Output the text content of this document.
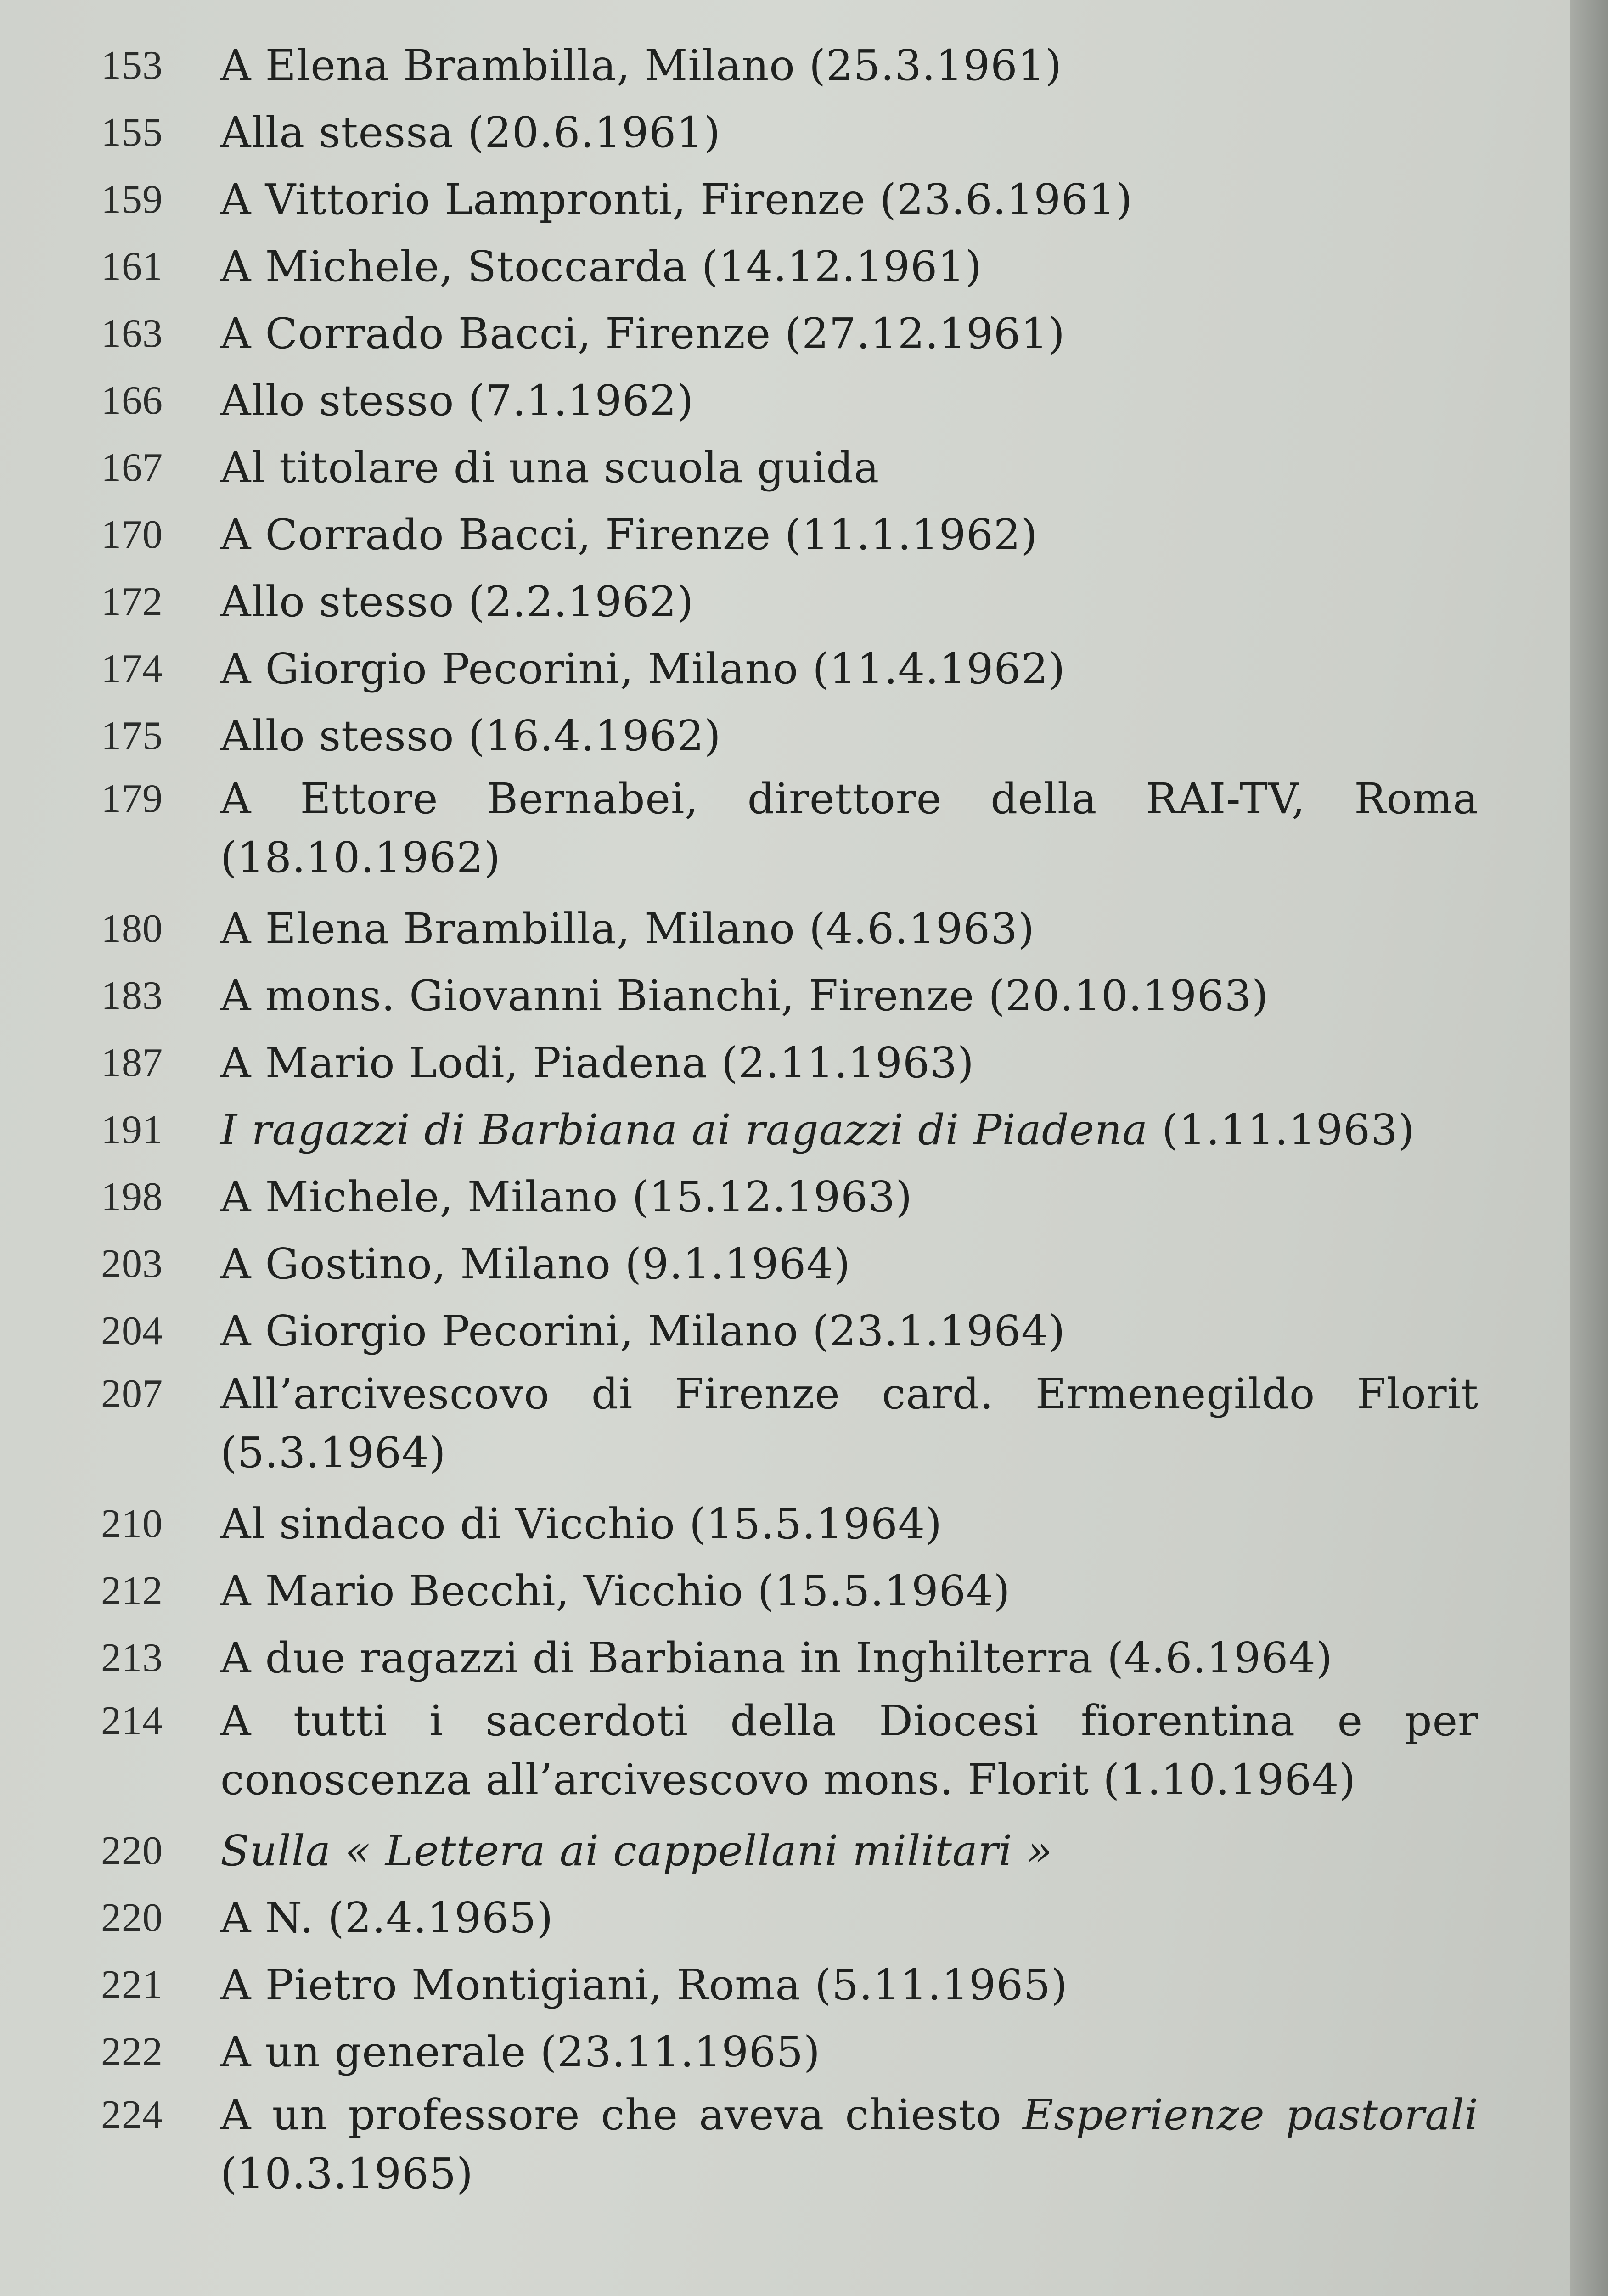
153	A Elena Brambilla, Milano (25.3.1961)
155	Alla stessa (20.6.1961)
159	A Vittorio Lampronti, Firenze (23.6.1961)
161	A Michele, Stoccarda (14.12.1961)
163	A Corrado Bacci, Firenze (27.12.1961)
166	Allo stesso (7.1.1962)
167	Al titolare di una scuola guida
170	A Corrado Bacci, Firenze (11.1.1962)
172	Allo stesso (2.2.1962)
174	A Giorgio Pecorini, Milano (11.4.1962)
175	Allo stesso (16.4.1962)
179	A Ettore Bernabei, direttore della RAI-TV, Roma (18.10.1962)
180	A Elena Brambilla, Milano (4.6.1963)
183	A mons. Giovanni Bianchi, Firenze (20.10.1963)
187	A Mario Lodi, Piadena (2.11.1963)
191	I ragazzi di Barbiana ai ragazzi di Piadena (1.11.1963)
198	A Michele, Milano (15.12.1963)
203	A Gostino, Milano (9.1.1964)
204	A Giorgio Pecorini, Milano (23.1.1964)
207	All’arcivescovo di Firenze card. Ermenegildo Florit (5.3.1964)
210	Al sindaco di Vicchio (15.5.1964)
212	A Mario Becchi, Vicchio (15.5.1964)
213	A due ragazzi di Barbiana in Inghilterra (4.6.1964)
214	A tutti i sacerdoti della Diocesi fiorentina e per conoscenza all’arcivescovo mons. Florit (1.10.1964)
220	Sulla « Lettera ai cappellani militari »
220	A N. (2.4.1965)
221	A Pietro Montigiani, Roma (5.11.1965)
222	A un generale (23.11.1965)
224	A un professore che aveva chiesto Esperienze pastorali (10.3.1965)
